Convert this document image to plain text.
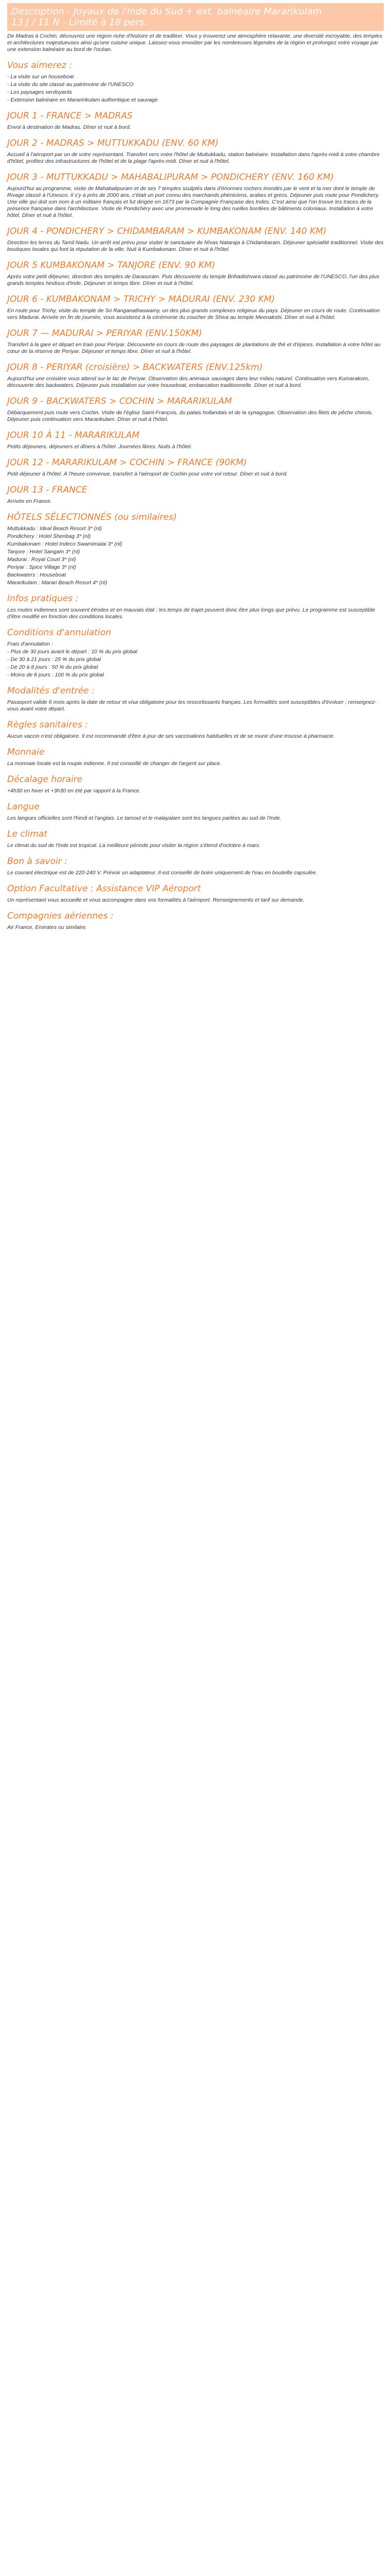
Description - Joyaux de l'Inde du Sud + ext. balnéaire Mararikulam
13 J / 11 N - Limité à 18 pers.

De Madras à Cochin, découvrez une région riche d'histoire et de tradition. Vous y trouverez une atmosphère relaxante, une diversité incroyable, des temples et architectures majestueuses ainsi qu'une cuisine unique. Laissez-vous envoûter par les nombreuses légendes de la région et prolongez votre voyage par une extension balnéaire au bord de l'océan.

Vous aimerez :
- La visite sur un houseboat
- La visite du site classé au patrimoine de l'UNESCO
- Les paysages verdoyants
- Extension balnéaire en Mararirikulam authentique et sauvage
JOUR 1 - FRANCE > MADRAS

Envol à destination de Madras. Dîner et nuit à bord.

JOUR 2 - MADRAS > MUTTUKKADU (ENV. 60 KM)

Accueil à l'aéroport par un de votre représentant. Transfert vers votre l'hôtel de Muttukkadu, station balnéaire. Installation dans l'après-midi à votre chambre d'hôtel, profitez des infrastructures de l'hôtel et de la plage l'après-midi. Dîner et nuit à l'hôtel.

JOUR 3 - MUTTUKKADU > MAHABALIPURAM > PONDICHERY (ENV. 160 KM)

Aujourd'hui au programme, visite de Mahabalipuram et de ses 7 temples sculptés dans d'énormes rochers inondés par le vent et la mer dont le temple de Rivage classé à l'Unesco. Il s'y a près de 2000 ans, c'était un port connu des marchands phéniciens, arabes et grecs. Déjeuner puis route pour Pondichery. Une ville qui doit son nom à un militaire français et fut dirigée en 1673 par la Compagnie Française des Indes. C'est ainsi que l'on trouve les traces de la présence française dans l'architecture. Visite de Pondichéry avec une promenade le long des ruelles bordées de bâtiments coloniaux. Installation à votre hôtel. Dîner et nuit à l'hôtel.

JOUR 4 - PONDICHERY > CHIDAMBARAM > KUMBAKONAM (ENV. 140 KM)

Direction les terres du Tamil Nadu. Un arrêt est prévu pour visiter le sanctuaire de Nîvas Nataraja à Chidambaram. Déjeuner spécialité traditionnel. Visite des boutiques locales qui font la réputation de la ville. Nuit à Kumbakonam. Dîner et nuit à l'hôtel.

JOUR 5 KUMBAKONAM > TANJORE (ENV. 90 KM)

Après votre petit déjeuner, direction des temples de Darasuram. Puis découverte du temple Brihadishvara classé au patrimoine de l'UNESCO, l'un des plus grands temples hindous d'Inde. Déjeuner et temps libre. Dîner et nuit à l'hôtel.

JOUR 6 - KUMBAKONAM > TRICHY > MADURAI (ENV. 230 KM)

En route pour Trichy, visite du temple de Sri Ranganathaswamy, un des plus grands complexes religieux du pays. Déjeuner en cours de route. Continuation vers Madurai. Arrivée en fin de journée, vous assisterez à la cérémonie du coucher de Shiva au temple Meenakshi. Dîner et nuit à l'hôtel.

JOUR 7 — MADURAI > PERIYAR (ENV.150KM)

Transfert à la gare et départ en train pour Periyar. Découverte en cours de route des paysages de plantations de thé et d'épices. Installation à votre hôtel au cœur de la réserve de Periyar. Déjeuner et temps libre. Dîner et nuit à l'hôtel.

JOUR 8 - PERIYAR (croisière) > BACKWATERS (ENV.125km)

Aujourd'hui une croisière vous attend sur le lac de Periyar. Observation des animaux sauvages dans leur milieu naturel. Continuation vers Kumarakom, découverte des backwaters. Déjeuner puis installation sur votre houseboat, embarcation traditionnelle. Dîner et nuit à bord.

JOUR 9 - BACKWATERS > COCHIN > MARARIKULAM

Débarquement puis route vers Cochin. Visite de l'église Saint-François, du palais hollandais et de la synagogue. Observation des filets de pêche chinois. Déjeuner puis continuation vers Mararikulam. Dîner et nuit à l'hôtel.

JOUR 10 À 11 - MARARIKULAM

Petits déjeuners, déjeuners et dîners à l'hôtel. Journées libres. Nuits à l'hôtel.

JOUR 12 - MARARIKULAM > COCHIN > FRANCE (90KM)

Petit déjeuner à l'hôtel. À l'heure convenue, transfert à l'aéroport de Cochin pour votre vol retour. Dîner et nuit à bord.

JOUR 13 - FRANCE

Arrivée en France.

HÔTELS SÉLECTIONNÉS (ou similaires)
Muttukkadu : Ideal Beach Resort 3* (nl)
Pondichery : Hotel Shenbag 3* (nl)
Kumbakonam : Hotel Indeco Swamimalai 3* (nl)
Tanjore : Hotel Sangam 3* (nl)
Madurai : Royal Court 3* (nl)
Periyar : Spice Village 3* (nl)
Backwaters : Houseboat
Mararikulam : Marari Beach Resort 4* (nl)
Infos pratiques :

Les routes indiennes sont souvent étroites et en mauvais état ; les temps de trajet peuvent donc être plus longs que prévu. Le programme est susceptible d'être modifié en fonction des conditions locales.

Conditions d'annulation
Frais d'annulation :
- Plus de 30 jours avant le départ : 10 % du prix global
- De 30 à 21 jours : 25 % du prix global
- De 20 à 8 jours : 50 % du prix global
- Moins de 8 jours : 100 % du prix global
Modalités d'entrée :

Passeport valide 6 mois après la date de retour et visa obligatoire pour les ressortissants français. Les formalités sont susceptibles d'évoluer ; renseignez-vous avant votre départ.

Règles sanitaires :

Aucun vaccin n'est obligatoire. Il est recommandé d'être à jour de ses vaccinations habituelles et de se munir d'une trousse à pharmacie.

Monnaie

La monnaie locale est la roupie indienne. Il est conseillé de changer de l'argent sur place.

Décalage horaire

+4h30 en hiver et +3h30 en été par rapport à la France.

Langue

Les langues officielles sont l'hindi et l'anglais. Le tamoul et le malayalam sont les langues parlées au sud de l'Inde.

Le climat

Le climat du sud de l'Inde est tropical. La meilleure période pour visiter la région s'étend d'octobre à mars.

Bon à savoir :

Le courant électrique est de 220-240 V. Prévoir un adaptateur. Il est conseillé de boire uniquement de l'eau en bouteille capsulée.

Option Facultative : Assistance VIP Aéroport

Un représentant vous accueille et vous accompagne dans vos formalités à l'aéroport. Renseignements et tarif sur demande.

Compagnies aériennes :

Air France, Emirates ou similaire.
